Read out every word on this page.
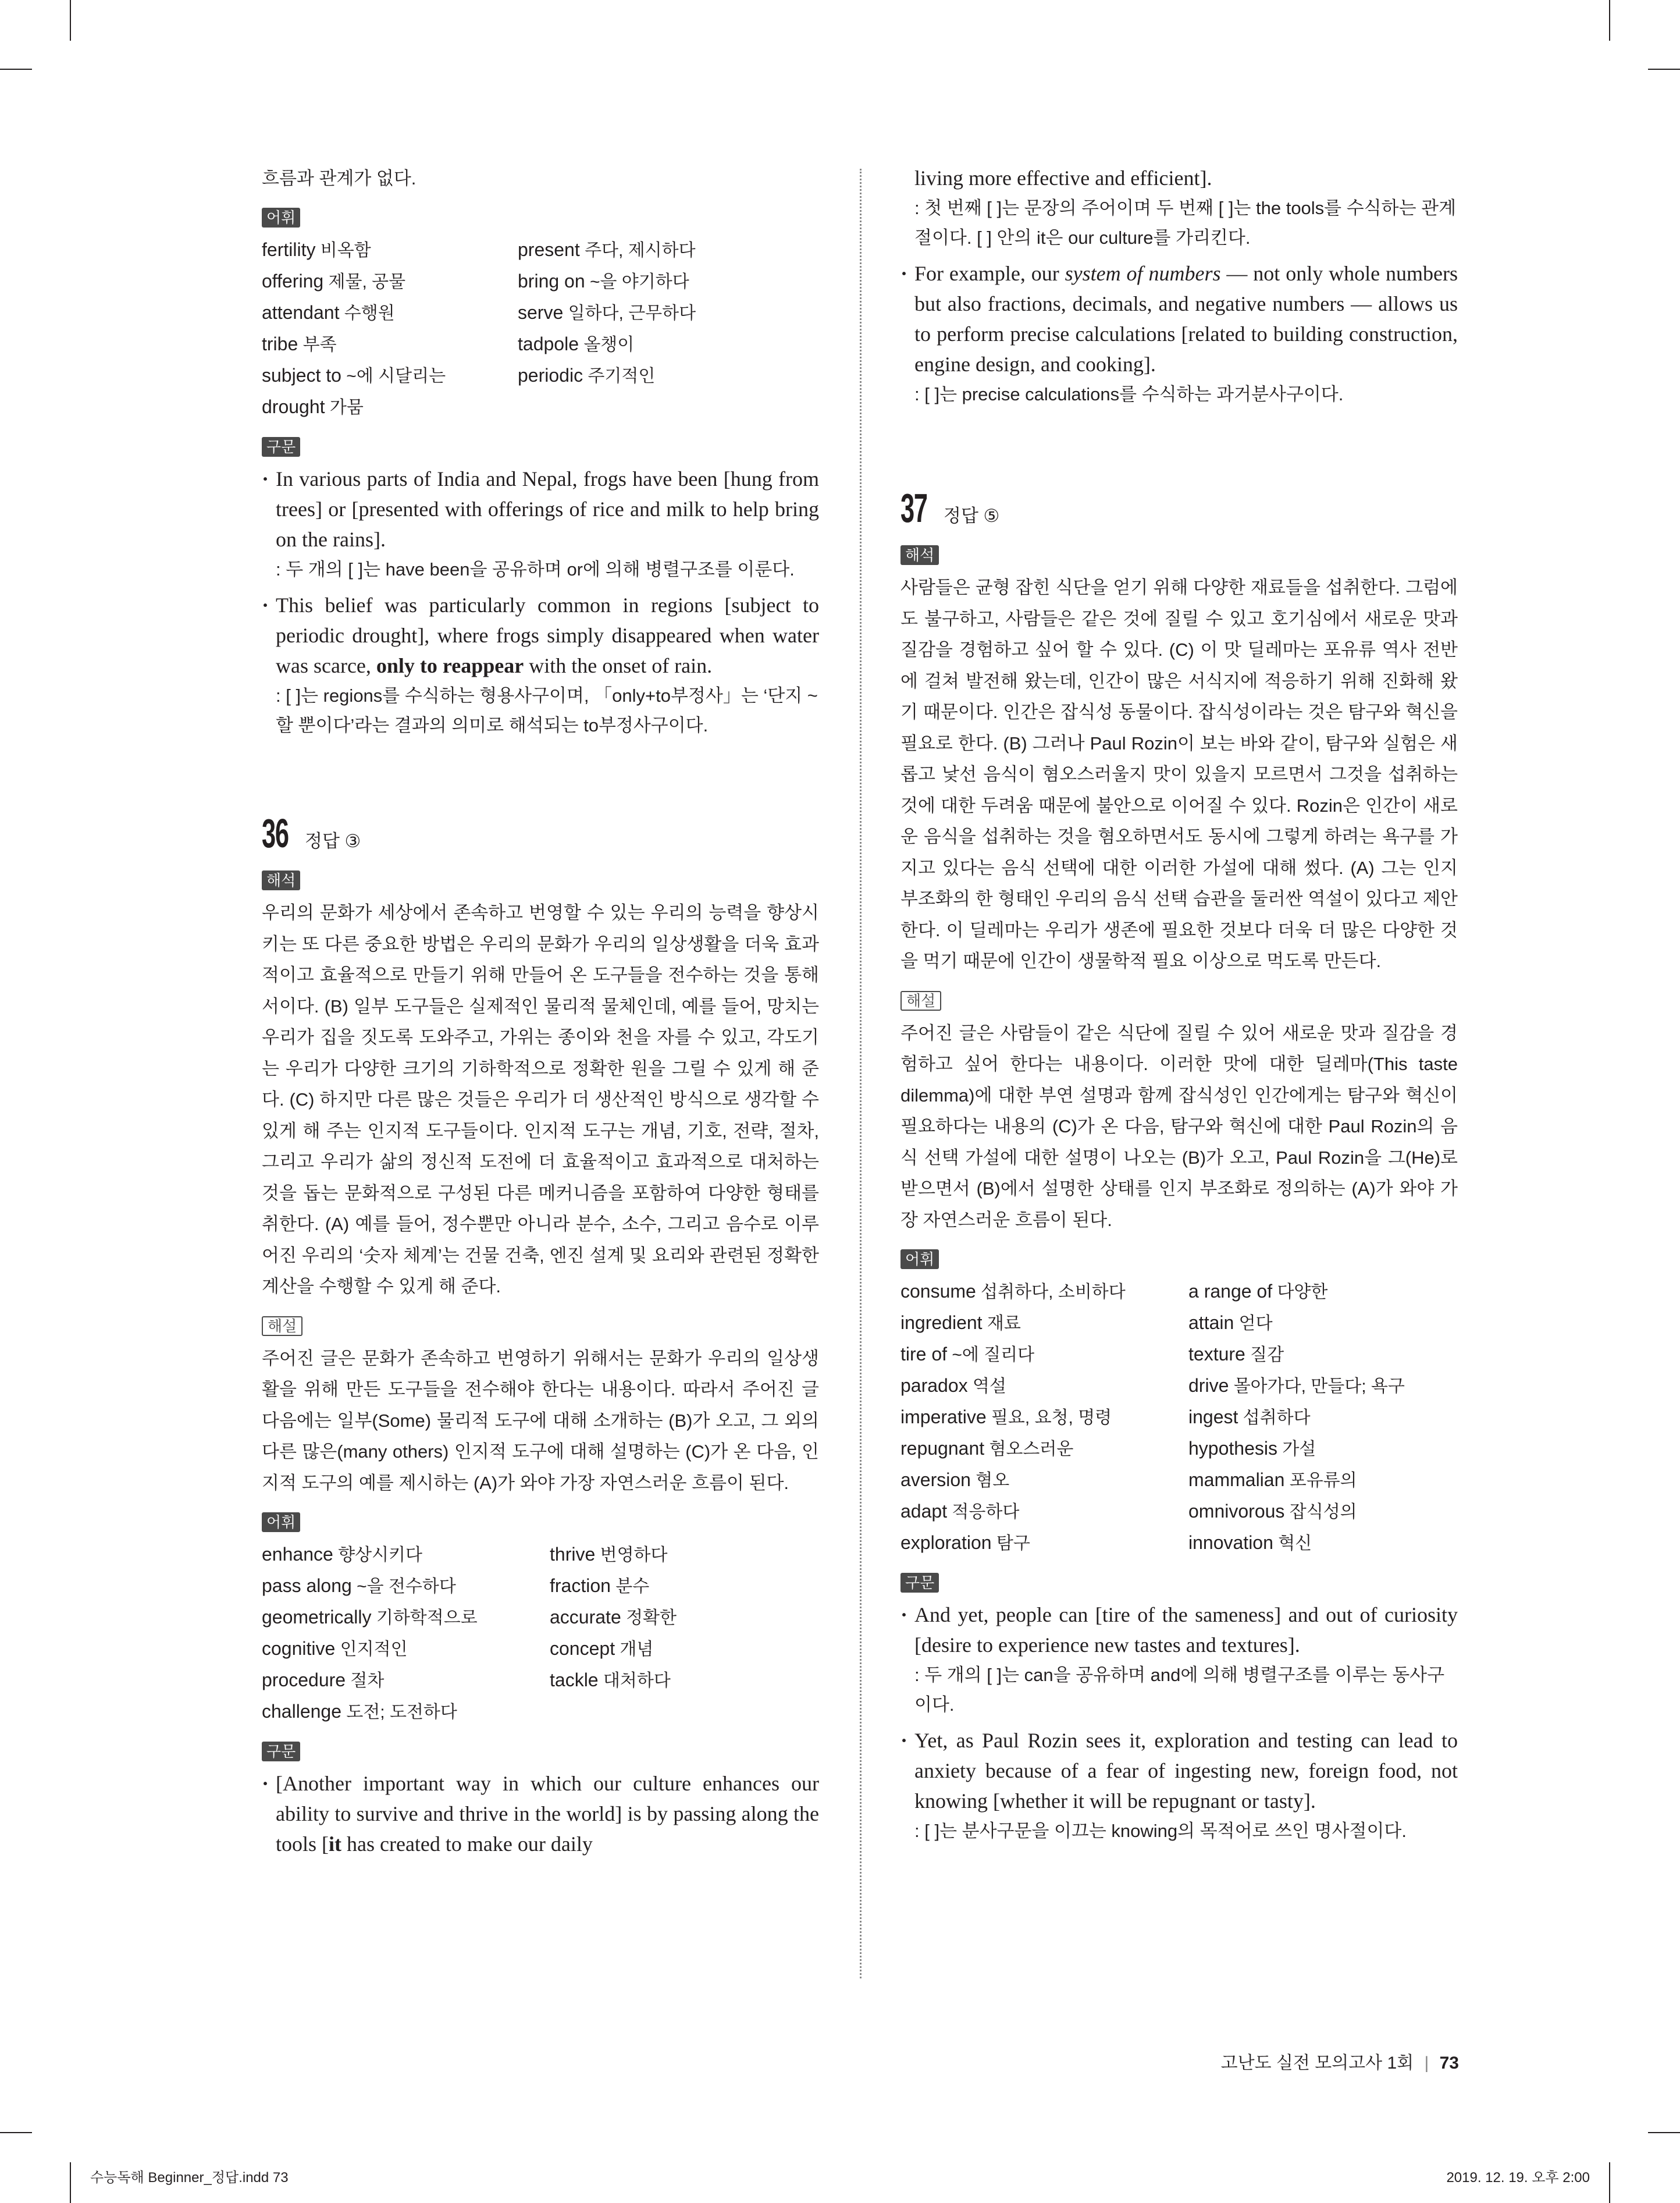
흐름과 관계가 없다.
어휘
fertility 비옥함	present 주다, 제시하다
offering 제물, 공물	bring on ~을 야기하다
attendant 수행원	serve 일하다, 근무하다
tribe 부족	tadpole 올챙이
subject to ~에 시달리는	periodic 주기적인
drought 가뭄
구문

· In various parts of India and Nepal, frogs have been [hung from trees] or [presented with offerings of rice and milk to help bring on the rains].

: 두 개의 [ ]는 have been을 공유하며 or에 의해 병렬구조를 이룬다.

· This belief was particularly common in regions [subject to periodic drought], where frogs simply disappeared when water was scarce, only to reappear with the onset of rain.

: [ ]는 regions를 수식하는 형용사구이며, 「only+to부정사」는 ‘단지 ~할 뿐이다’라는 결과의 의미로 해석되는 to부정사구이다.

36 정답 ③
해석

우리의 문화가 세상에서 존속하고 번영할 수 있는 우리의 능력을 향상시키는 또 다른 중요한 방법은 우리의 문화가 우리의 일상생활을 더욱 효과적이고 효율적으로 만들기 위해 만들어 온 도구들을 전수하는 것을 통해서이다. (B) 일부 도구들은 실제적인 물리적 물체인데, 예를 들어, 망치는 우리가 집을 짓도록 도와주고, 가위는 종이와 천을 자를 수 있고, 각도기는 우리가 다양한 크기의 기하학적으로 정확한 원을 그릴 수 있게 해 준다. (C) 하지만 다른 많은 것들은 우리가 더 생산적인 방식으로 생각할 수 있게 해 주는 인지적 도구들이다. 인지적 도구는 개념, 기호, 전략, 절차, 그리고 우리가 삶의 정신적 도전에 더 효율적이고 효과적으로 대처하는 것을 돕는 문화적으로 구성된 다른 메커니즘을 포함하여 다양한 형태를 취한다. (A) 예를 들어, 정수뿐만 아니라 분수, 소수, 그리고 음수로 이루어진 우리의 ‘숫자 체계’는 건물 건축, 엔진 설계 및 요리와 관련된 정확한 계산을 수행할 수 있게 해 준다.

해설

주어진 글은 문화가 존속하고 번영하기 위해서는 문화가 우리의 일상생활을 위해 만든 도구들을 전수해야 한다는 내용이다. 따라서 주어진 글 다음에는 일부(Some) 물리적 도구에 대해 소개하는 (B)가 오고, 그 외의 다른 많은(many others) 인지적 도구에 대해 설명하는 (C)가 온 다음, 인지적 도구의 예를 제시하는 (A)가 와야 가장 자연스러운 흐름이 된다.

어휘
enhance 향상시키다	thrive 번영하다
pass along ~을 전수하다	fraction 분수
geometrically 기하학적으로	accurate 정확한
cognitive 인지적인	concept 개념
procedure 절차	tackle 대처하다
challenge 도전; 도전하다
구문

· [Another important way in which our culture enhances our ability to survive and thrive in the world] is by passing along the tools [it has created to make our daily

living more effective and efficient].

: 첫 번째 [ ]는 문장의 주어이며 두 번째 [ ]는 the tools를 수식하는 관계절이다. [ ] 안의 it은 our culture를 가리킨다.

· For example, our system of numbers — not only whole numbers but also fractions, decimals, and negative numbers — allows us to perform precise calculations [related to building construction, engine design, and cooking].

: [ ]는 precise calculations를 수식하는 과거분사구이다.

37 정답 ⑤
해석

사람들은 균형 잡힌 식단을 얻기 위해 다양한 재료들을 섭취한다. 그럼에도 불구하고, 사람들은 같은 것에 질릴 수 있고 호기심에서 새로운 맛과 질감을 경험하고 싶어 할 수 있다. (C) 이 맛 딜레마는 포유류 역사 전반에 걸쳐 발전해 왔는데, 인간이 많은 서식지에 적응하기 위해 진화해 왔기 때문이다. 인간은 잡식성 동물이다. 잡식성이라는 것은 탐구와 혁신을 필요로 한다. (B) 그러나 Paul Rozin이 보는 바와 같이, 탐구와 실험은 새롭고 낯선 음식이 혐오스러울지 맛이 있을지 모르면서 그것을 섭취하는 것에 대한 두려움 때문에 불안으로 이어질 수 있다. Rozin은 인간이 새로운 음식을 섭취하는 것을 혐오하면서도 동시에 그렇게 하려는 욕구를 가지고 있다는 음식 선택에 대한 이러한 가설에 대해 썼다. (A) 그는 인지 부조화의 한 형태인 우리의 음식 선택 습관을 둘러싼 역설이 있다고 제안한다. 이 딜레마는 우리가 생존에 필요한 것보다 더욱 더 많은 다양한 것을 먹기 때문에 인간이 생물학적 필요 이상으로 먹도록 만든다.

해설

주어진 글은 사람들이 같은 식단에 질릴 수 있어 새로운 맛과 질감을 경험하고 싶어 한다는 내용이다. 이러한 맛에 대한 딜레마(This taste dilemma)에 대한 부연 설명과 함께 잡식성인 인간에게는 탐구와 혁신이 필요하다는 내용의 (C)가 온 다음, 탐구와 혁신에 대한 Paul Rozin의 음식 선택 가설에 대한 설명이 나오는 (B)가 오고, Paul Rozin을 그(He)로 받으면서 (B)에서 설명한 상태를 인지 부조화로 정의하는 (A)가 와야 가장 자연스러운 흐름이 된다.

어휘
consume 섭취하다, 소비하다	a range of 다양한
ingredient 재료	attain 얻다
tire of ~에 질리다	texture 질감
paradox 역설	drive 몰아가다, 만들다; 욕구
imperative 필요, 요청, 명령	ingest 섭취하다
repugnant 혐오스러운	hypothesis 가설
aversion 혐오	mammalian 포유류의
adapt 적응하다	omnivorous 잡식성의
exploration 탐구	innovation 혁신
구문

· And yet, people can [tire of the sameness] and out of curiosity [desire to experience new tastes and textures].

: 두 개의 [ ]는 can을 공유하며 and에 의해 병렬구조를 이루는 동사구이다.

· Yet, as Paul Rozin sees it, exploration and testing can lead to anxiety because of a fear of ingesting new, foreign food, not knowing [whether it will be repugnant or tasty].

: [ ]는 분사구문을 이끄는 knowing의 목적어로 쓰인 명사절이다.

고난도 실전 모의고사 1회 | 73
수능독해 Beginner_정답.indd 73	2019. 12. 19. 오후 2:00
